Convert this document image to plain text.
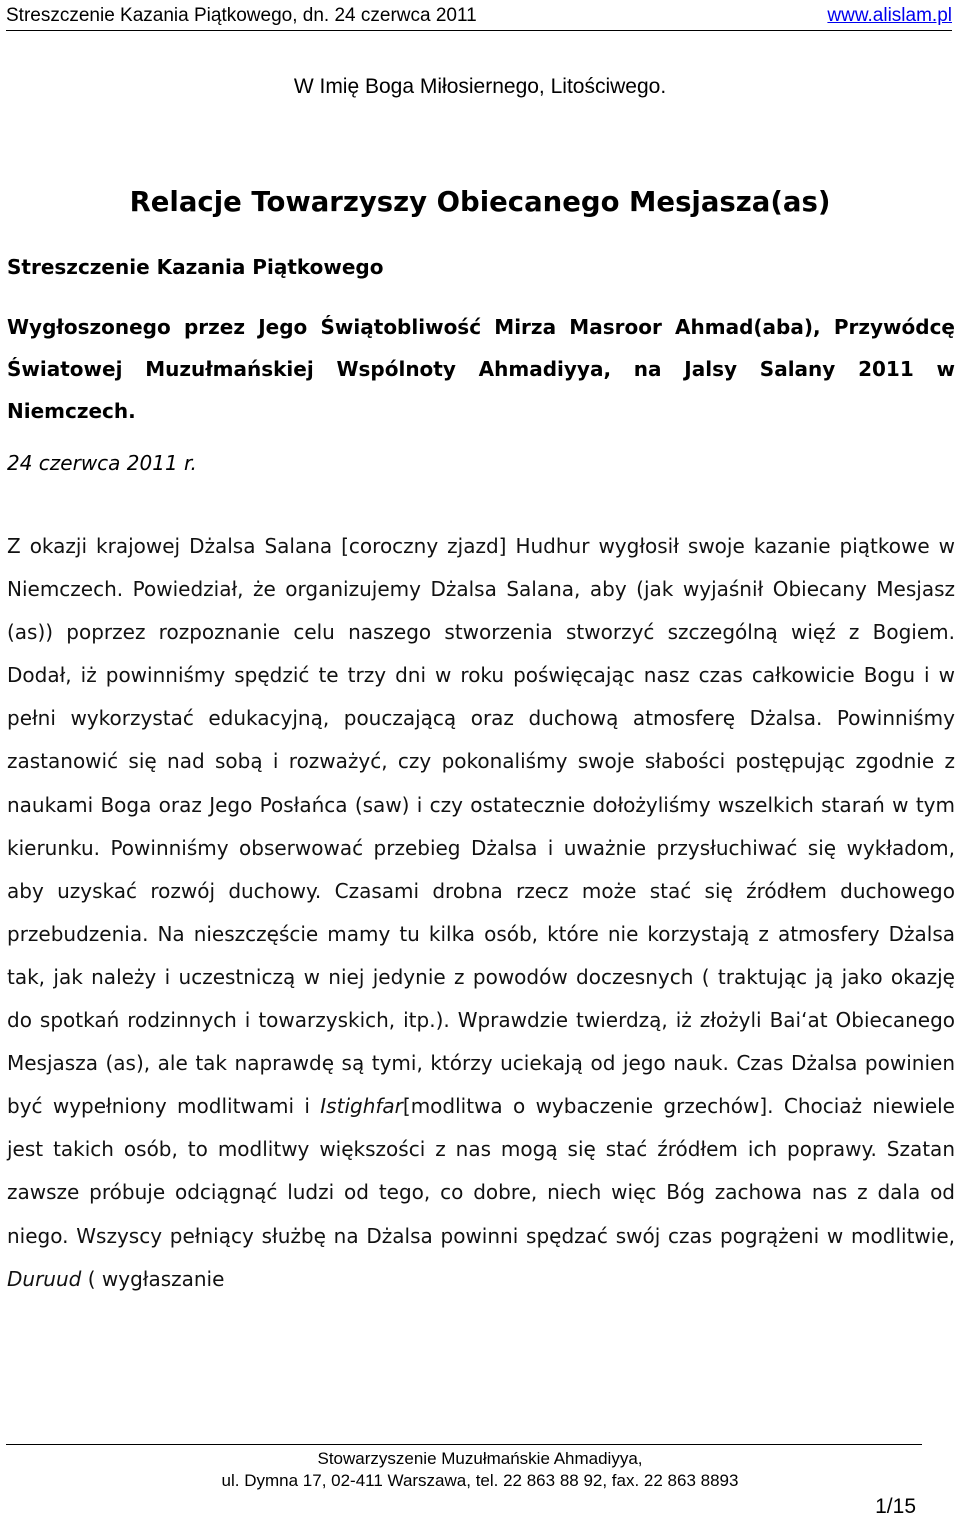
Streszczenie Kazania Piątkowego, dn. 24 czerwca 2011	www.alislam.pl
W Imię Boga Miłosiernego, Litościwego.
Relacje Towarzyszy Obiecanego Mesjasza(as)
Streszczenie Kazania Piątkowego
Wygłoszonego przez Jego Świątobliwość Mirza Masroor Ahmad(aba), Przywódcę Światowej Muzułmańskiej Wspólnoty Ahmadiyya, na Jalsy Salany 2011 w Niemczech.
24 czerwca 2011 r.

Z okazji krajowej Dżalsa Salana [coroczny zjazd] Hudhur wygłosił swoje kazanie piątkowe w Niemczech. Powiedział, że organizujemy Dżalsa Salana, aby (jak wyjaśnił Obiecany Mesjasz (as)) poprzez rozpoznanie celu naszego stworzenia stworzyć szczególną więź z Bogiem. Dodał, iż powinniśmy spędzić te trzy dni w roku poświęcając nasz czas całkowicie Bogu i w pełni wykorzystać edukacyjną, pouczającą oraz duchową atmosferę Dżalsa. Powinniśmy zastanowić się nad sobą i rozważyć, czy pokonaliśmy swoje słabości postępując zgodnie z naukami Boga oraz Jego Posłańca (saw) i czy ostatecznie dołożyliśmy wszelkich starań w tym kierunku. Powinniśmy obserwować przebieg Dżalsa i uważnie przysłuchiwać się wykładom, aby uzyskać rozwój duchowy. Czasami drobna rzecz może stać się źródłem duchowego przebudzenia. Na nieszczęście mamy tu kilka osób, które nie korzystają z atmosfery Dżalsa tak, jak należy i uczestniczą w niej jedynie z powodów doczesnych ( traktując ją jako okazję do spotkań rodzinnych i towarzyskich, itp.). Wprawdzie twierdzą, iż złożyli Bai‘at Obiecanego Mesjasza (as), ale tak naprawdę są tymi, którzy uciekają od jego nauk. Czas Dżalsa powinien być wypełniony modlitwami i Istighfar[modlitwa o wybaczenie grzechów]. Chociaż niewiele jest takich osób, to modlitwy większości z nas mogą się stać źródłem ich poprawy. Szatan zawsze próbuje odciągnąć ludzi od tego, co dobre, niech więc Bóg zachowa nas z dala od niego. Wszyscy pełniący służbę na Dżalsa powinni spędzać swój czas pogrążeni w modlitwie, Duruud ( wygłaszanie

Stowarzyszenie Muzułmańskie Ahmadiyya,
ul. Dymna 17, 02-411 Warszawa, tel. 22 863 88 92, fax. 22 863 8893
1/15
